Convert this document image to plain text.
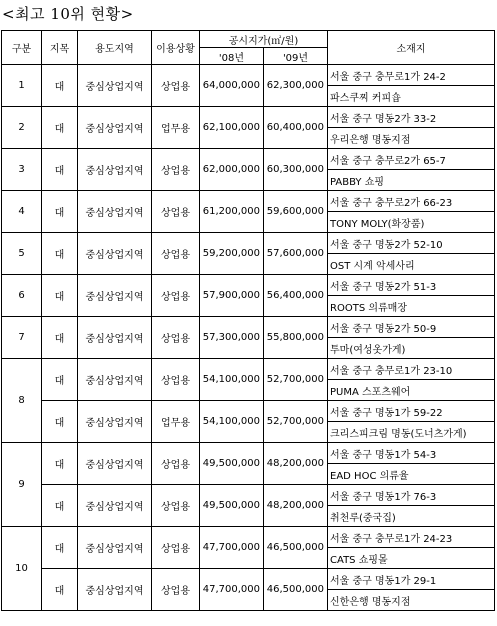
<최고 10위 현황>
구분	지목	용도지역	이용상황	공시지가(㎡/원)		소재지
				'08년	'09년	
1	대	중심상업지역	상업용	64,000,000	62,300,000	서울 중구 충무로1가 24-2
						파스쿠찌 커피숍
2	대	중심상업지역	업무용	62,100,000	60,400,000	서울 중구 명동2가 33-2
						우리은행 명동지점
3	대	중심상업지역	상업용	62,000,000	60,300,000	서울 중구 충무로2가 65-7
						PABBY 쇼핑
4	대	중심상업지역	상업용	61,200,000	59,600,000	서울 중구 충무로2가 66-23
						TONY MOLY(화장품)
5	대	중심상업지역	상업용	59,200,000	57,600,000	서울 중구 명동2가 52-10
						OST 시계 악세사리
6	대	중심상업지역	상업용	57,900,000	56,400,000	서울 중구 명동2가 51-3
						ROOTS 의류매장
7	대	중심상업지역	상업용	57,300,000	55,800,000	서울 중구 명동2가 50-9
						투마(여성옷가게)
8	대	중심상업지역	상업용	54,100,000	52,700,000	서울 중구 충무로1가 23-10
						PUMA 스포츠웨어
	대	중심상업지역	업무용	54,100,000	52,700,000	서울 중구 명동1가 59-22
						크리스피크림 명동(도너츠가게)
9	대	중심상업지역	상업용	49,500,000	48,200,000	서울 중구 명동1가 54-3
						EAD HOC 의류율
	대	중심상업지역	상업용	49,500,000	48,200,000	서울 중구 명동1가 76-3
						취천루(중국집)
10	대	중심상업지역	상업용	47,700,000	46,500,000	서울 중구 충무로1가 24-23
						CATS 쇼핑몰
	대	중심상업지역	상업용	47,700,000	46,500,000	서울 중구 명동1가 29-1
						신한은행 명동지점
